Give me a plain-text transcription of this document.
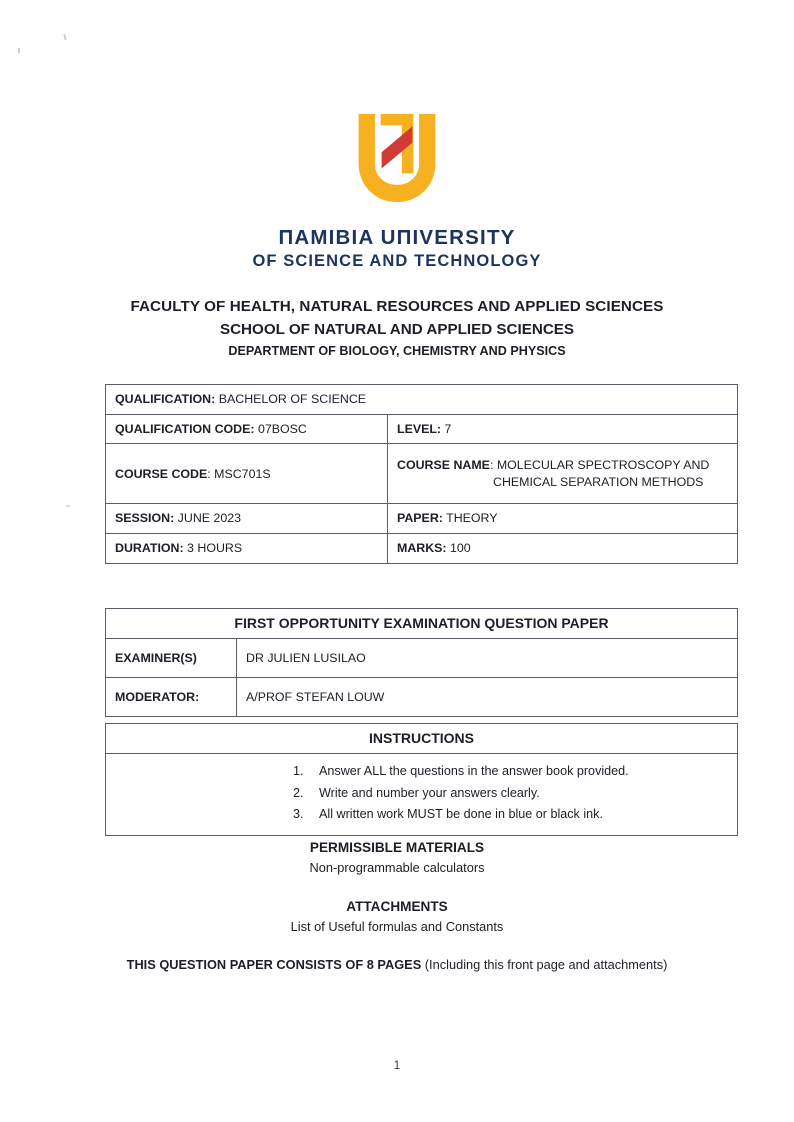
ПAMIBIA UПIVERSITY
OF SCIENCE AND TECHNOLOGY
FACULTY OF HEALTH, NATURAL RESOURCES AND APPLIED SCIENCES
SCHOOL OF NATURAL AND APPLIED SCIENCES
DEPARTMENT OF BIOLOGY, CHEMISTRY AND PHYSICS
QUALIFICATION: BACHELOR OF SCIENCE	
QUALIFICATION CODE: 07BOSC	LEVEL: 7
COURSE CODE: MSC701S	COURSE NAME: MOLECULAR SPECTROSCOPY AND
CHEMICAL SEPARATION METHODS

SESSION: JUNE 2023	PAPER: THEORY
DURATION: 3 HOURS	MARKS: 100
FIRST OPPORTUNITY EXAMINATION QUESTION PAPER	
EXAMINER(S)	DR JULIEN LUSILAO
MODERATOR:	A/PROF STEFAN LOUW
INSTRUCTIONS

Answer ALL the questions in the answer book provided.
Write and number your answers clearly.
All written work MUST be done in blue or black ink.
PERMISSIBLE MATERIALS
Non-programmable calculators
ATTACHMENTS
List of Useful formulas and Constants
THIS QUESTION PAPER CONSISTS OF 8 PAGES (Including this front page and attachments)
1
